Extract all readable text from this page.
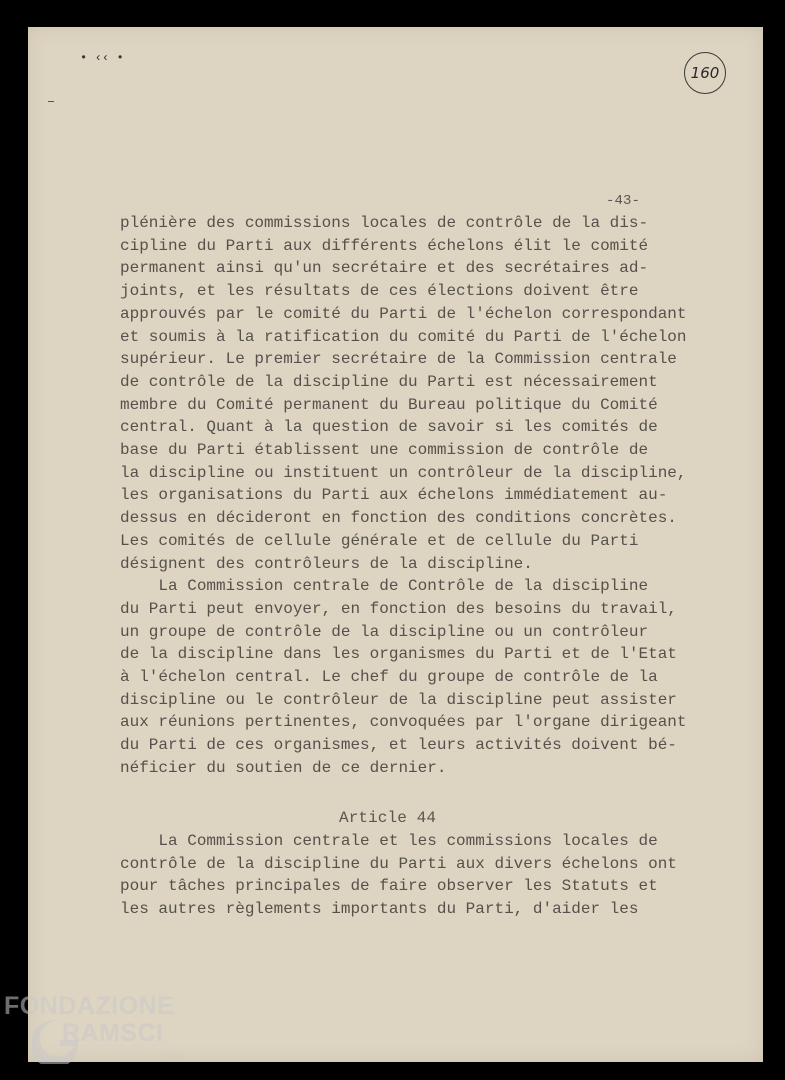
• ‹‹ •
160
-43-
plénière des commissions locales de contrôle de la dis-
cipline du Parti aux différents échelons élit le comité
permanent ainsi qu'un secrétaire et des secrétaires ad-
joints, et les résultats de ces élections doivent être
approuvés par le comité du Parti de l'échelon correspondant
et soumis à la ratification du comité du Parti de l'échelon
supérieur. Le premier secrétaire de la Commission centrale
de contrôle de la discipline du Parti est nécessairement
membre du Comité permanent du Bureau politique du Comité
central. Quant à la question de savoir si les comités de
base du Parti établissent une commission de contrôle de
la discipline ou instituent un contrôleur de la discipline,
les organisations du Parti aux échelons immédiatement au-
dessus en décideront en fonction des conditions concrètes.
Les comités de cellule générale et de cellule du Parti
désignent des contrôleurs de la discipline.
La Commission centrale de Contrôle de la discipline
du Parti peut envoyer, en fonction des besoins du travail,
un groupe de contrôle de la discipline ou un contrôleur
de la discipline dans les organismes du Parti et de l'Etat
à l'échelon central. Le chef du groupe de contrôle de la
discipline ou le contrôleur de la discipline peut assister
aux réunions pertinentes, convoquées par l'organe dirigeant
du Parti de ces organismes, et leurs activités doivent bé-
néficier du soutien de ce dernier.
La Commission centrale et les commissions locales de
contrôle de la discipline du Parti aux divers échelons ont
pour tâches principales de faire observer les Statuts et
les autres règlements importants du Parti, d'aider les
Article 44
FONDAZIONE
RAMSCI
onlus
